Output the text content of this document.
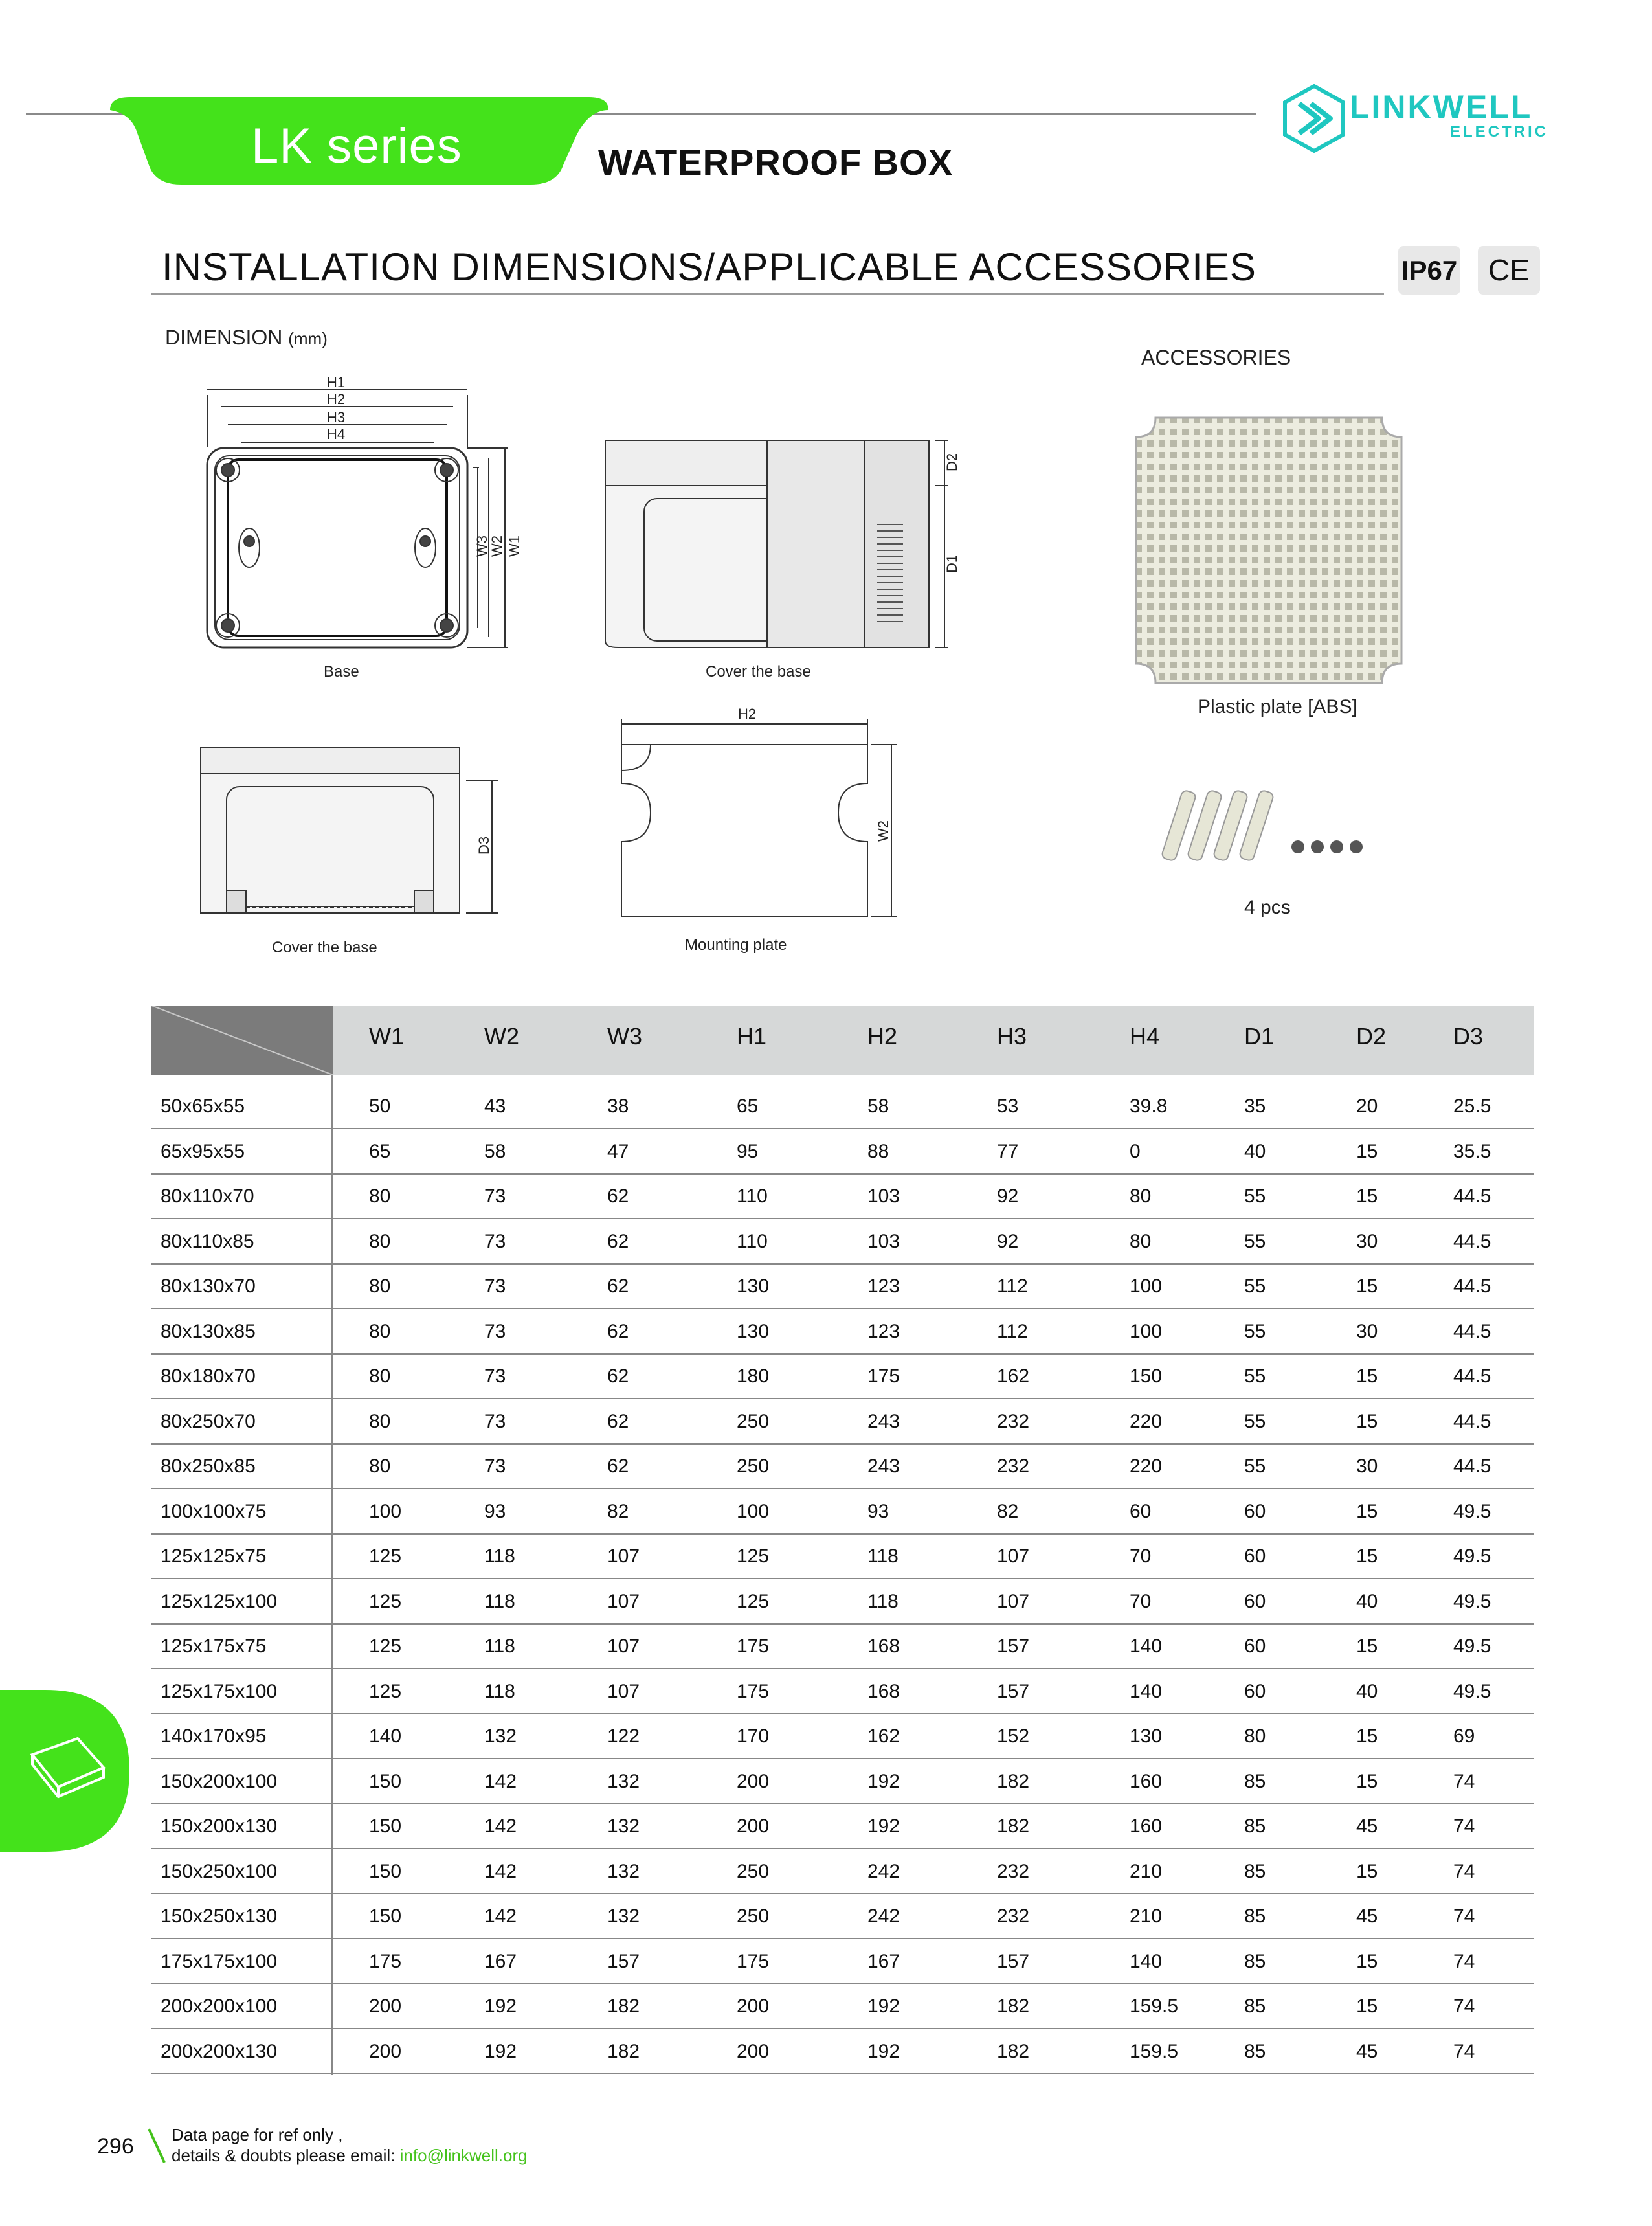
LK series	WATERPROOF BOX
LINKWELL
ELECTRIC
INSTALLATION DIMENSIONS/APPLICABLE ACCESSORIES	IP67	CE
DIMENSION (mm)
H1
H2
H3
H4
W3
W2 W1
Base
D2
D1
Cover the base
D3
Cover the base
H2
W2
Mounting plate
ACCESSORIES
Plastic plate [ABS]
4 pcs
W1	W2	W3	H1	H2	H3	H4	D1	D2	D3
50x65x55	50	43	38	65	58	53	39.8	35	20	25.5
65x95x55	65	58	47	95	88	77	0	40	15	35.5
80x110x70	80	73	62	110	103	92	80	55	15	44.5
80x110x85	80	73	62	110	103	92	80	55	30	44.5
80x130x70	80	73	62	130	123	112	100	55	15	44.5
80x130x85	80	73	62	130	123	112	100	55	30	44.5
80x180x70	80	73	62	180	175	162	150	55	15	44.5
80x250x70	80	73	62	250	243	232	220	55	15	44.5
80x250x85	80	73	62	250	243	232	220	55	30	44.5
100x100x75	100	93	82	100	93	82	60	60	15	49.5
125x125x75	125	118	107	125	118	107	70	60	15	49.5
125x125x100	125	118	107	125	118	107	70	60	40	49.5
125x175x75	125	118	107	175	168	157	140	60	15	49.5
125x175x100	125	118	107	175	168	157	140	60	40	49.5
140x170x95	140	132	122	170	162	152	130	80	15	69
150x200x100	150	142	132	200	192	182	160	85	15	74
150x200x130	150	142	132	200	192	182	160	85	45	74
150x250x100	150	142	132	250	242	232	210	85	15	74
150x250x130	150	142	132	250	242	232	210	85	45	74
175x175x100	175	167	157	175	167	157	140	85	15	74
200x200x100	200	192	182	200	192	182	159.5	85	15	74
200x200x130	200	192	182	200	192	182	159.5	85	45	74
296 Data page for ref only ,
details & doubts please email: info@linkwell.org
